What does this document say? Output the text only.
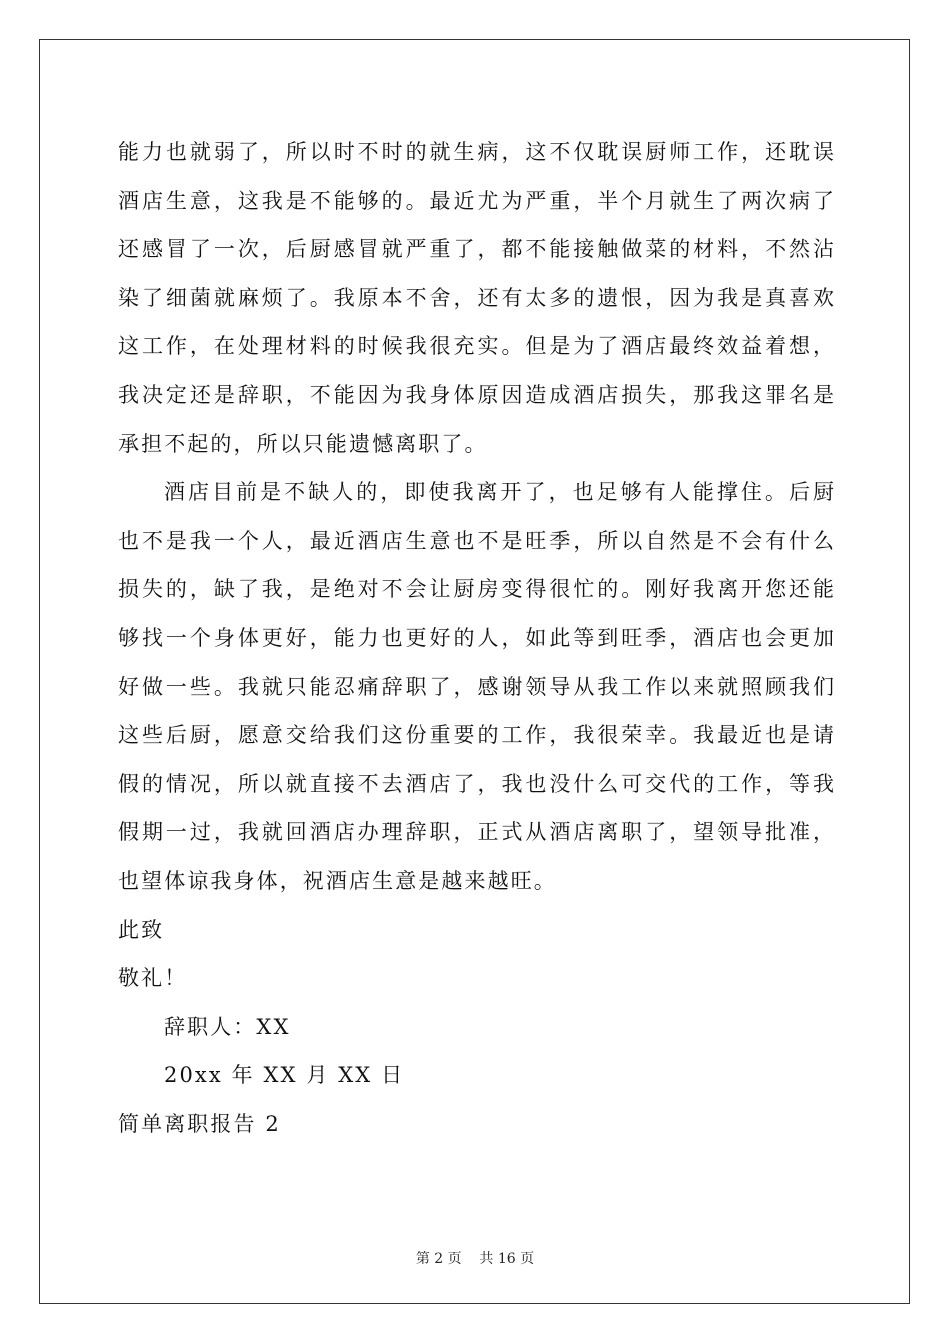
能力也就弱了，所以时不时的就生病，这不仅耽误厨师工作，还耽误
酒店生意，这我是不能够的。最近尤为严重，半个月就生了两次病了
还感冒了一次，后厨感冒就严重了，都不能接触做菜的材料，不然沾
染了细菌就麻烦了。我原本不舍，还有太多的遗恨，因为我是真喜欢
这工作，在处理材料的时候我很充实。但是为了酒店最终效益着想，
我决定还是辞职，不能因为我身体原因造成酒店损失，那我这罪名是
承担不起的，所以只能遗憾离职了。
酒店目前是不缺人的，即使我离开了，也足够有人能撑住。后厨
也不是我一个人，最近酒店生意也不是旺季，所以自然是不会有什么
损失的，缺了我，是绝对不会让厨房变得很忙的。刚好我离开您还能
够找一个身体更好，能力也更好的人，如此等到旺季，酒店也会更加
好做一些。我就只能忍痛辞职了，感谢领导从我工作以来就照顾我们
这些后厨，愿意交给我们这份重要的工作，我很荣幸。我最近也是请
假的情况，所以就直接不去酒店了，我也没什么可交代的工作，等我
假期一过，我就回酒店办理辞职，正式从酒店离职了，望领导批准，
也望体谅我身体，祝酒店生意是越来越旺。
此致
敬礼！
辞职人：XX
20xx 年 XX 月 XX 日
简单离职报告 2
第 2 页    共 16 页
